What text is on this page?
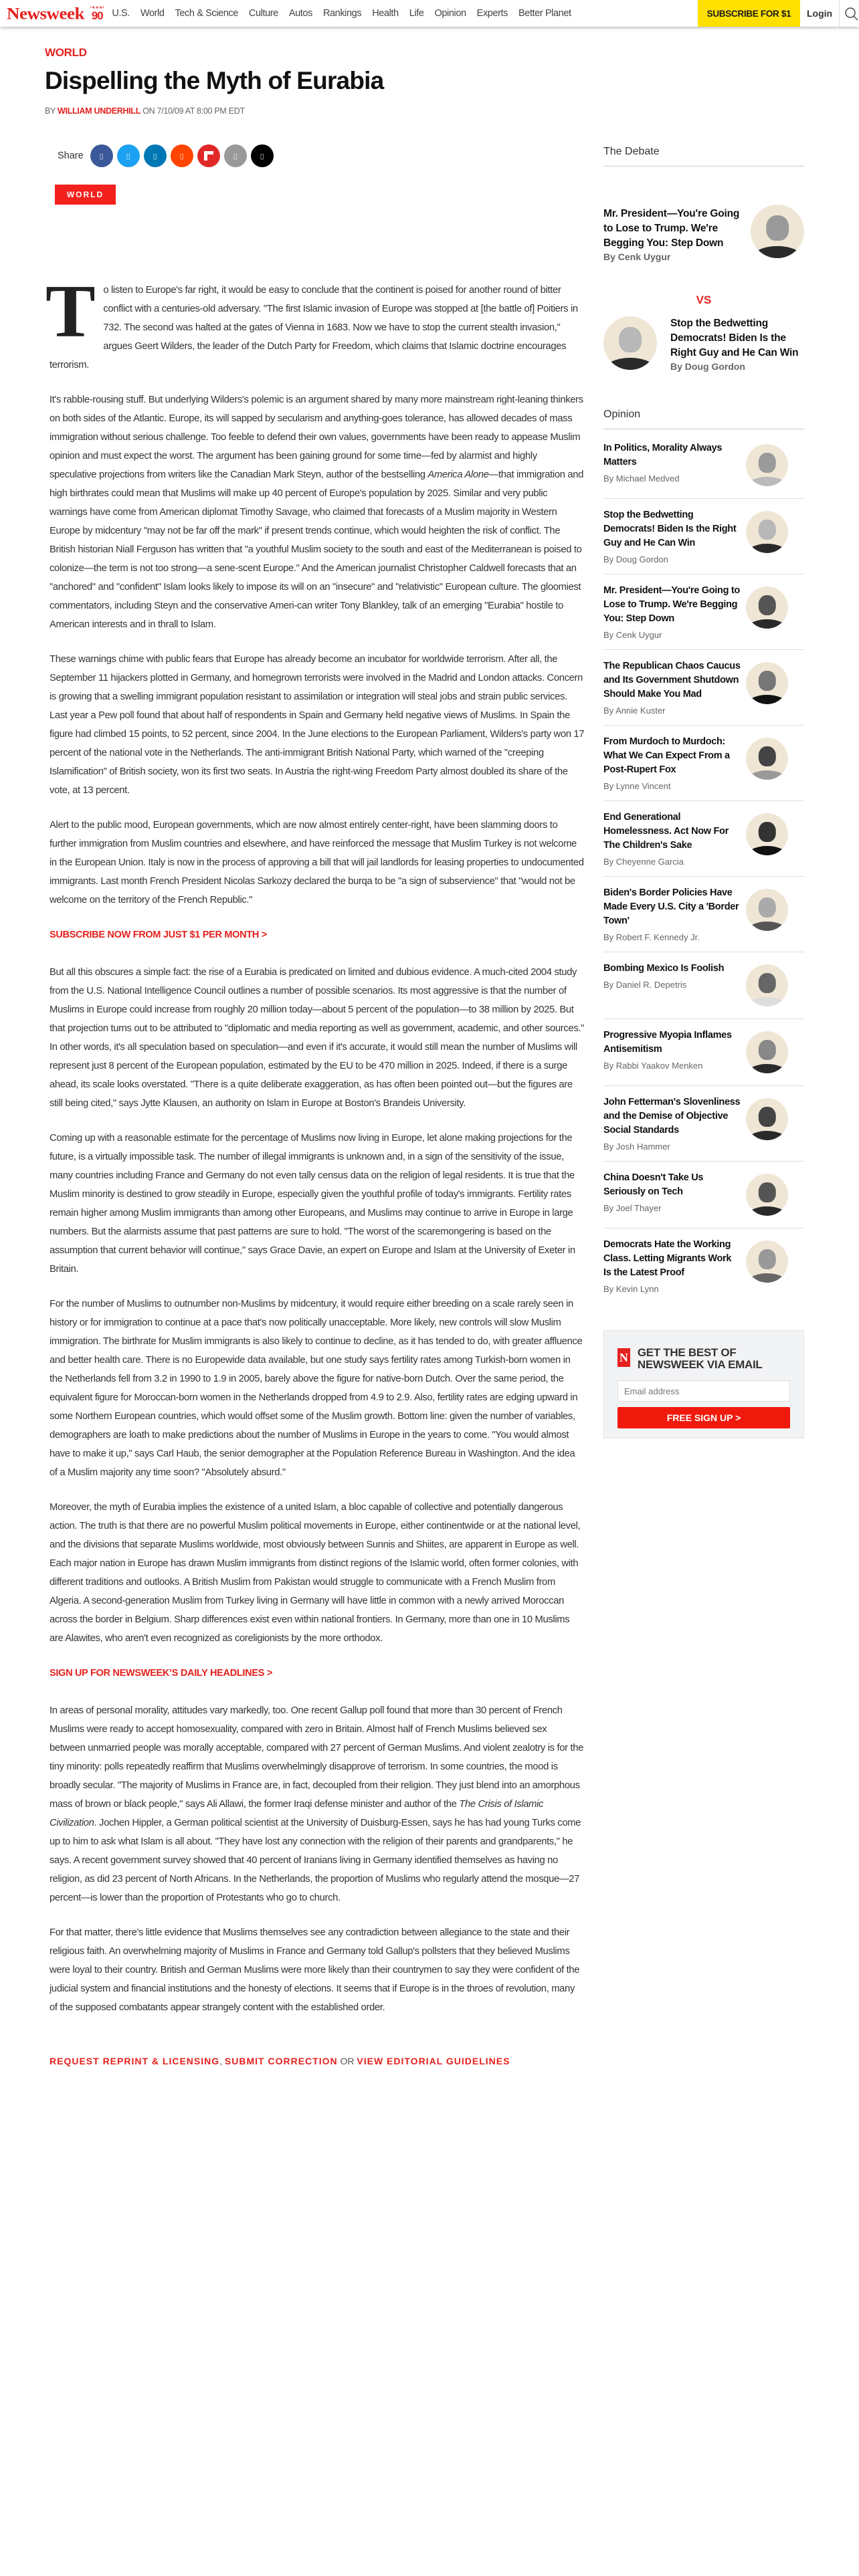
Newsweek •★★★•
90 U.S. World Tech & Science Culture Autos Rankings Health Life Opinion Experts Better Planet	SUBSCRIBE FOR $1	Login
WORLD
Dispelling the Myth of Eurabia
BY WILLIAM UNDERHILL ON 7/10/09 AT 8:00 PM EDT
Share ▯	▯	▯	▯	▯	▯
WORLD

To listen to Europe's far right, it would be easy to conclude that the continent is poised for another round of bitter conflict with a centuries-old adversary. "The first Islamic invasion of Europe was stopped at [the battle of] Poitiers in 732. The second was halted at the gates of Vienna in 1683. Now we have to stop the current stealth invasion," argues Geert Wilders, the leader of the Dutch Party for Freedom, which claims that Islamic doctrine encourages terrorism.

It's rabble-rousing stuff. But underlying Wilders's polemic is an argument shared by many more mainstream right-leaning thinkers on both sides of the Atlantic. Europe, its will sapped by secularism and anything-goes tolerance, has allowed decades of mass immigration without serious challenge. Too feeble to defend their own values, governments have been ready to appease Muslim opinion and must expect the worst. The argument has been gaining ground for some time—fed by alarmist and highly speculative projections from writers like the Canadian Mark Steyn, author of the bestselling America Alone—that immigration and high birthrates could mean that Muslims will make up 40 percent of Europe's population by 2025. Similar and very public warnings have come from American diplomat Timothy Savage, who claimed that forecasts of a Muslim majority in Western Europe by midcentury "may not be far off the mark" if present trends continue, which would heighten the risk of conflict. The British historian Niall Ferguson has written that "a youthful Muslim society to the south and east of the Mediterranean is poised to colonize—the term is not too strong—a sene-scent Europe." And the American journalist Christopher Caldwell forecasts that an "anchored" and "confident" Islam looks likely to impose its will on an "insecure" and "relativistic" European culture. The gloomiest commentators, including Steyn and the conservative Ameri-can writer Tony Blankley, talk of an emerging "Eurabia" hostile to American interests and in thrall to Islam.

These warnings chime with public fears that Europe has already become an incubator for worldwide terrorism. After all, the September 11 hijackers plotted in Germany, and homegrown terrorists were involved in the Madrid and London attacks. Concern is growing that a swelling immigrant population resistant to assimilation or integration will steal jobs and strain public services. Last year a Pew poll found that about half of respondents in Spain and Germany held negative views of Muslims. In Spain the figure had climbed 15 points, to 52 percent, since 2004. In the June elections to the European Parliament, Wilders's party won 17 percent of the national vote in the Netherlands. The anti-immigrant British National Party, which warned of the "creeping Islamification" of British society, won its first two seats. In Austria the right-wing Freedom Party almost doubled its share of the vote, at 13 percent.

Alert to the public mood, European governments, which are now almost entirely center-right, have been slamming doors to further immigration from Muslim countries and elsewhere, and have reinforced the message that Muslim Turkey is not welcome in the European Union. Italy is now in the process of approving a bill that will jail landlords for leasing properties to undocumented immigrants. Last month French President Nicolas Sarkozy declared the burqa to be "a sign of subservience" that "would not be welcome on the territory of the French Republic."

SUBSCRIBE NOW FROM JUST $1 PER MONTH >

But all this obscures a simple fact: the rise of a Eurabia is predicated on limited and dubious evidence. A much-cited 2004 study from the U.S. National Intelligence Council outlines a number of possible scenarios. Its most aggressive is that the number of Muslims in Europe could increase from roughly 20 million today—about 5 percent of the population—to 38 million by 2025. But that projection turns out to be attributed to "diplomatic and media reporting as well as government, academic, and other sources." In other words, it's all speculation based on speculation—and even if it's accurate, it would still mean the number of Muslims will represent just 8 percent of the European population, estimated by the EU to be 470 million in 2025. Indeed, if there is a surge ahead, its scale looks overstated. "There is a quite deliberate exaggeration, as has often been pointed out—but the figures are still being cited," says Jytte Klausen, an authority on Islam in Europe at Boston's Brandeis University.

Coming up with a reasonable estimate for the percentage of Muslims now living in Europe, let alone making projections for the future, is a virtually impossible task. The number of illegal immigrants is unknown and, in a sign of the sensitivity of the issue, many countries including France and Germany do not even tally census data on the religion of legal residents. It is true that the Muslim minority is destined to grow steadily in Europe, especially given the youthful profile of today's immigrants. Fertility rates remain higher among Muslim immigrants than among other Europeans, and Muslims may continue to arrive in Europe in large numbers. But the alarmists assume that past patterns are sure to hold. "The worst of the scaremongering is based on the assumption that current behavior will continue," says Grace Davie, an expert on Europe and Islam at the University of Exeter in Britain.

For the number of Muslims to outnumber non-Muslims by midcentury, it would require either breeding on a scale rarely seen in history or for immigration to continue at a pace that's now politically unacceptable. More likely, new controls will slow Muslim immigration. The birthrate for Muslim immigrants is also likely to continue to decline, as it has tended to do, with greater affluence and better health care. There is no Europewide data available, but one study says fertility rates among Turkish-born women in the Netherlands fell from 3.2 in 1990 to 1.9 in 2005, barely above the figure for native-born Dutch. Over the same period, the equivalent figure for Moroccan-born women in the Netherlands dropped from 4.9 to 2.9. Also, fertility rates are edging upward in some Northern European countries, which would offset some of the Muslim growth. Bottom line: given the number of variables, demographers are loath to make predictions about the number of Muslims in Europe in the years to come. "You would almost have to make it up," says Carl Haub, the senior demographer at the Population Reference Bureau in Washington. And the idea of a Muslim majority any time soon? "Absolutely absurd."

Moreover, the myth of Eurabia implies the existence of a united Islam, a bloc capable of collective and potentially dangerous action. The truth is that there are no powerful Muslim political movements in Europe, either continentwide or at the national level, and the divisions that separate Muslims worldwide, most obviously between Sunnis and Shiites, are apparent in Europe as well. Each major nation in Europe has drawn Muslim immigrants from distinct regions of the Islamic world, often former colonies, with different traditions and outlooks. A British Muslim from Pakistan would struggle to communicate with a French Muslim from Algeria. A second-generation Muslim from Turkey living in Germany will have little in common with a newly arrived Moroccan across the border in Belgium. Sharp differences exist even within national frontiers. In Germany, more than one in 10 Muslims are Alawites, who aren't even recognized as coreligionists by the more orthodox.

SIGN UP FOR NEWSWEEK’S DAILY HEADLINES >

In areas of personal morality, attitudes vary markedly, too. One recent Gallup poll found that more than 30 percent of French Muslims were ready to accept homosexuality, compared with zero in Britain. Almost half of French Muslims believed sex between unmarried people was morally acceptable, compared with 27 percent of German Muslims. And violent zealotry is for the tiny minority: polls repeatedly reaffirm that Muslims overwhelmingly disapprove of terrorism. In some countries, the mood is broadly secular. "The majority of Muslims in France are, in fact, decoupled from their religion. They just blend into an amorphous mass of brown or black people," says Ali Allawi, the former Iraqi defense minister and author of the The Crisis of Islamic Civilization. Jochen Hippler, a German political scientist at the University of Duisburg-Essen, says he has had young Turks come up to him to ask what Islam is all about. "They have lost any connection with the religion of their parents and grandparents," he says. A recent government survey showed that 40 percent of Iranians living in Germany identified themselves as having no religion, as did 23 percent of North Africans. In the Netherlands, the proportion of Muslims who regularly attend the mosque—27 percent—is lower than the proportion of Protestants who go to church.

For that matter, there's little evidence that Muslims themselves see any contradiction between allegiance to the state and their religious faith. An overwhelming majority of Muslims in France and Germany told Gallup's pollsters that they believed Muslims were loyal to their country. British and German Muslims were more likely than their countrymen to say they were confident of the judicial system and financial institutions and the honesty of elections. It seems that if Europe is in the throes of revolution, many of the supposed combatants appear strangely content with the established order.

REQUEST REPRINT & LICENSING, SUBMIT CORRECTION OR VIEW EDITORIAL GUIDELINES
The Debate
Mr. President—You're Going to Lose to Trump. We're Begging You: Step Down
By Cenk Uygur
VS
Stop the Bedwetting Democrats! Biden Is the Right Guy and He Can Win
By Doug Gordon
Opinion
In Politics, Morality Always Matters
By Michael Medved
Stop the Bedwetting Democrats! Biden Is the Right Guy and He Can Win
By Doug Gordon
Mr. President—You're Going to Lose to Trump. We're Begging You: Step Down
By Cenk Uygur
The Republican Chaos Caucus and Its Government Shutdown Should Make You Mad
By Annie Kuster
From Murdoch to Murdoch: What We Can Expect From a Post-Rupert Fox
By Lynne Vincent
End Generational Homelessness. Act Now For The Children's Sake
By Cheyenne Garcia
Biden's Border Policies Have Made Every U.S. City a 'Border Town'
By Robert F. Kennedy Jr.
Bombing Mexico Is Foolish
By Daniel R. Depetris
Progressive Myopia Inflames Antisemitism
By Rabbi Yaakov Menken
John Fetterman's Slovenliness and the Demise of Objective Social Standards
By Josh Hammer
China Doesn't Take Us Seriously on Tech
By Joel Thayer
Democrats Hate the Working Class. Letting Migrants Work Is the Latest Proof
By Kevin Lynn
N GET THE BEST OF NEWSWEEK VIA EMAIL
Email address FREE SIGN UP >
